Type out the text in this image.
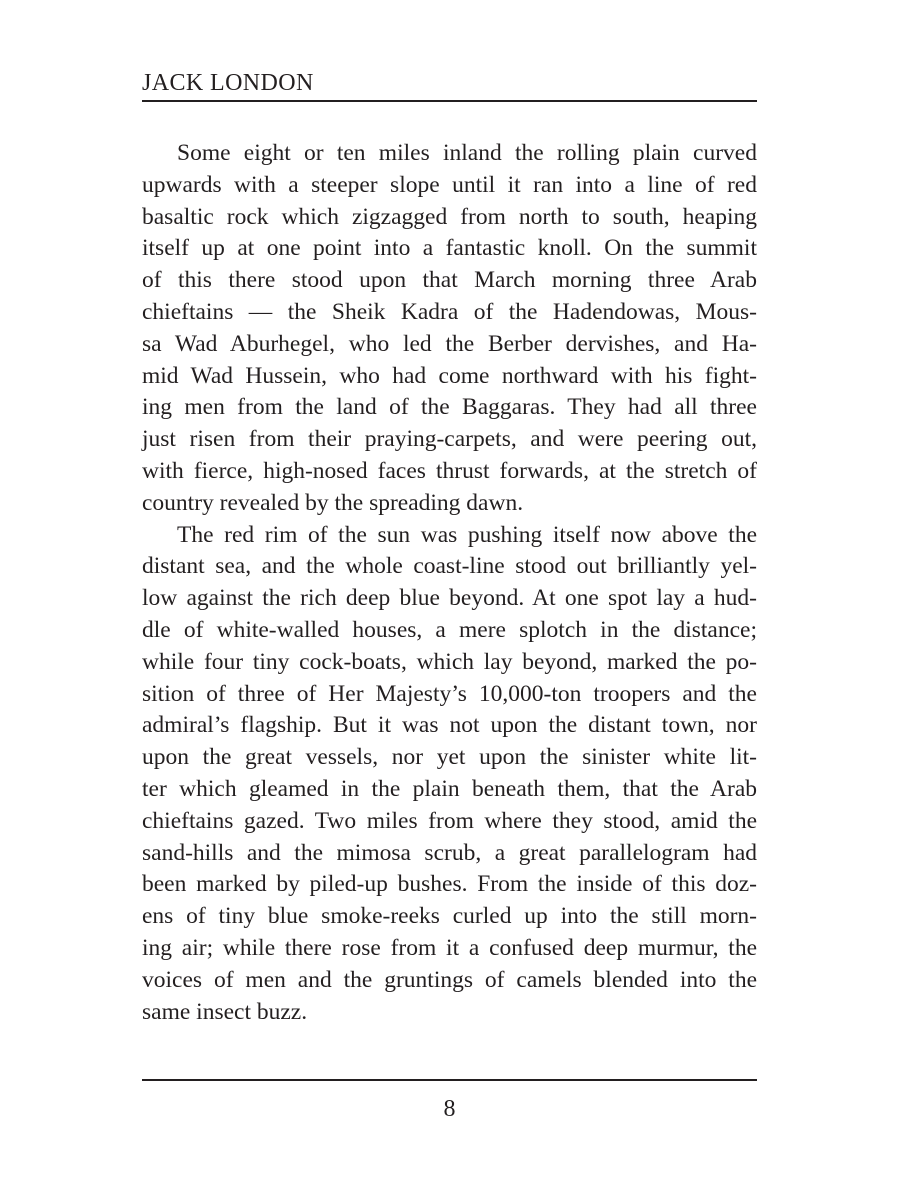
JACK LONDON
Some eight or ten miles inland the rolling plain curved
upwards with a steeper slope until it ran into a line of red
basaltic rock which zigzagged from north to south, heaping
itself up at one point into a fantastic knoll. On the summit
of this there stood upon that March morning three Arab
chieftains — the Sheik Kadra of the Hadendowas, Mous-
sa Wad Aburhegel, who led the Berber dervishes, and Ha-
mid Wad Hussein, who had come northward with his fight-
ing men from the land of the Baggaras. They had all three
just risen from their praying-carpets, and were peering out,
with fierce, high-nosed faces thrust forwards, at the stretch of
country revealed by the spreading dawn.
The red rim of the sun was pushing itself now above the
distant sea, and the whole coast-line stood out brilliantly yel-
low against the rich deep blue beyond. At one spot lay a hud-
dle of white-walled houses, a mere splotch in the distance;
while four tiny cock-boats, which lay beyond, marked the po-
sition of three of Her Majesty’s 10,000-ton troopers and the
admiral’s flagship. But it was not upon the distant town, nor
upon the great vessels, nor yet upon the sinister white lit-
ter which gleamed in the plain beneath them, that the Arab
chieftains gazed. Two miles from where they stood, amid the
sand-hills and the mimosa scrub, a great parallelogram had
been marked by piled-up bushes. From the inside of this doz-
ens of tiny blue smoke-reeks curled up into the still morn-
ing air; while there rose from it a confused deep murmur, the
voices of men and the gruntings of camels blended into the
same insect buzz.
8
